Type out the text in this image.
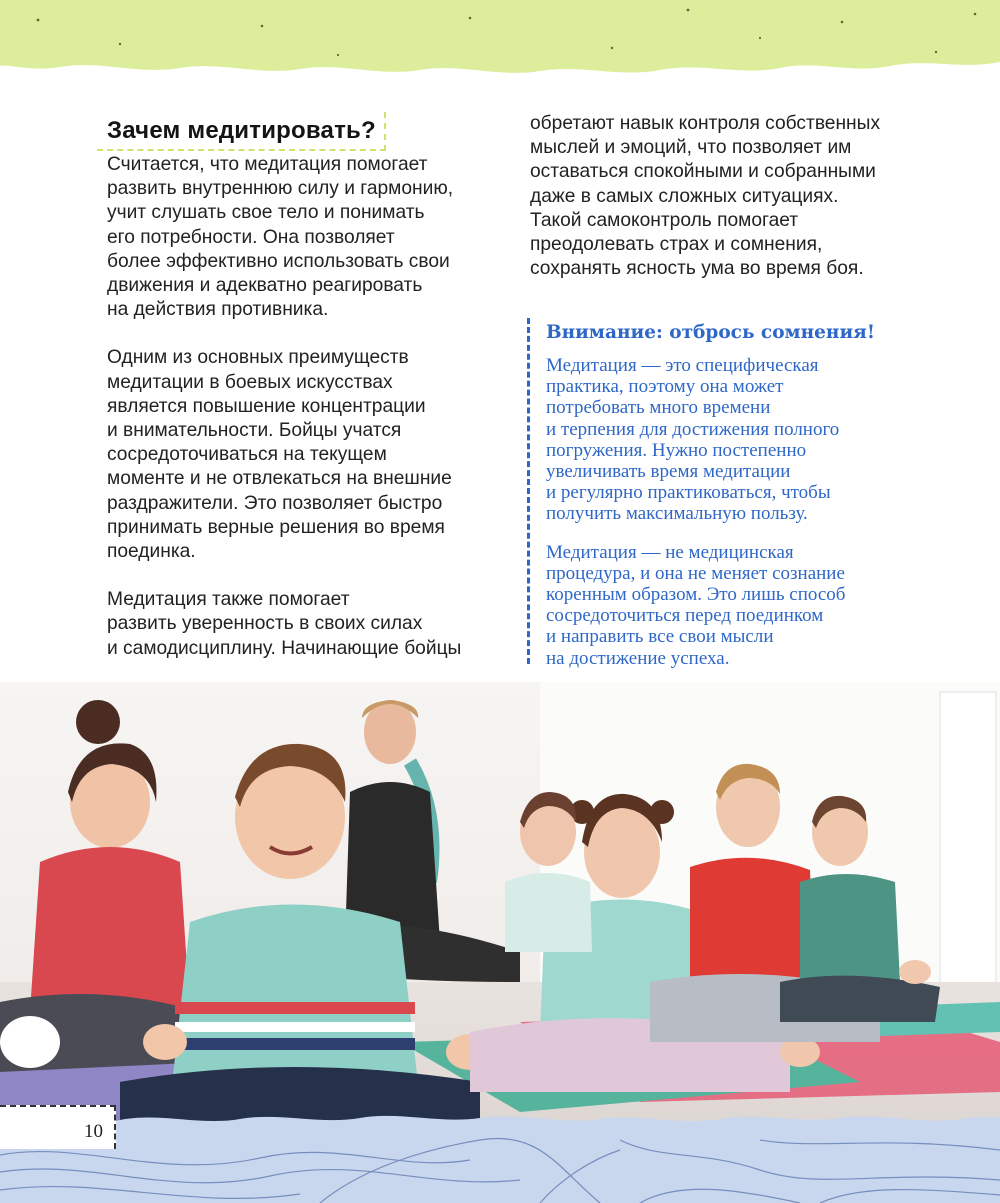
Зачем медитировать?
Считается, что медитация помогает
развить внутреннюю силу и гармонию,
учит слушать свое тело и понимать
его потребности. Она позволяет
более эффективно использовать свои
движения и адекватно реагировать
на действия противника.
Одним из основных преимуществ
медитации в боевых искусствах
является повышение концентрации
и внимательности. Бойцы учатся
сосредоточиваться на текущем
моменте и не отвлекаться на внешние
раздражители. Это позволяет быстро
принимать верные решения во время
поединка.
Медитация также помогает
развить уверенность в своих силах
и самодисциплину. Начинающие бойцы
обретают навык контроля собственных
мыслей и эмоций, что позволяет им
оставаться спокойными и собранными
даже в самых сложных ситуациях.
Такой самоконтроль помогает
преодолевать страх и сомнения,
сохранять ясность ума во время боя.
Внимание: отбрось сомнения!
Медитация — это специфическая
практика, поэтому она может
потребовать много времени
и терпения для достижения полного
погружения. Нужно постепенно
увеличивать время медитации
и регулярно практиковаться, чтобы
получить максимальную пользу.
Медитация — не медицинская
процедура, и она не меняет сознание
коренным образом. Это лишь способ
сосредоточиться перед поединком
и направить все свои мысли
на достижение успеха.
10
